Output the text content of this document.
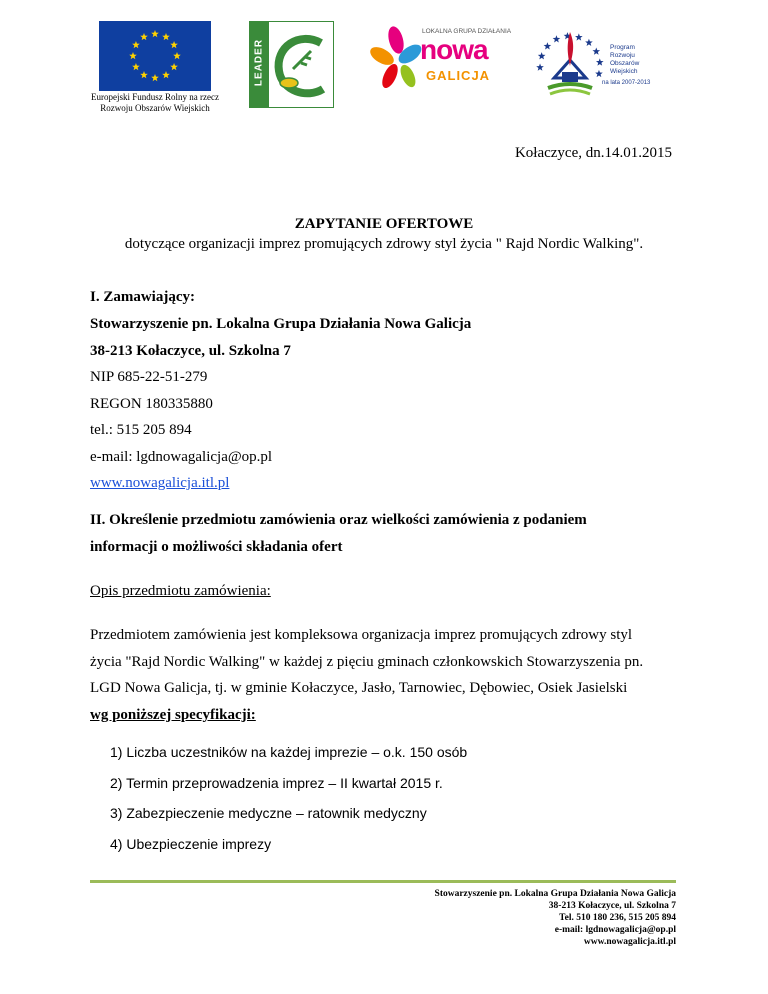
Europejski Fundusz Rolny na rzecz
Rozwoju Obszarów Wiejskich
LEADER
LOKALNA GRUPA DZIAŁANIA
nowa
GALICJA
Program
Rozwoju
Obszarów
Wiejskich
na lata 2007-2013
Kołaczyce, dn.14.01.2015
ZAPYTANIE OFERTOWE
dotyczące organizacji imprez promujących zdrowy styl życia " Rajd Nordic Walking".
I. Zamawiający:
Stowarzyszenie pn. Lokalna Grupa Działania Nowa Galicja
38-213 Kołaczyce, ul. Szkolna 7
NIP 685-22-51-279
REGON 180335880
tel.: 515 205 894
e-mail: lgdnowagalicja@op.pl
www.nowagalicja.itl.pl
II. Określenie przedmiotu zamówienia oraz wielkości zamówienia z podaniem
informacji o możliwości składania ofert
Opis przedmiotu zamówienia:
Przedmiotem zamówienia jest kompleksowa organizacja imprez promujących zdrowy styl
życia "Rajd Nordic Walking" w każdej z pięciu gminach członkowskich Stowarzyszenia pn.
LGD Nowa Galicja, tj. w gminie Kołaczyce, Jasło, Tarnowiec, Dębowiec, Osiek Jasielski
wg poniższej specyfikacji:
1) Liczba uczestników na każdej imprezie – o.k. 150 osób
2) Termin przeprowadzenia imprez – II kwartał 2015 r.
3) Zabezpieczenie medyczne – ratownik medyczny
4) Ubezpieczenie imprezy
Stowarzyszenie pn. Lokalna Grupa Działania Nowa Galicja
38-213 Kołaczyce, ul. Szkolna 7
Tel. 510 180 236, 515 205 894
e-mail: lgdnowagalicja@op.pl
www.nowagalicja.itl.pl
